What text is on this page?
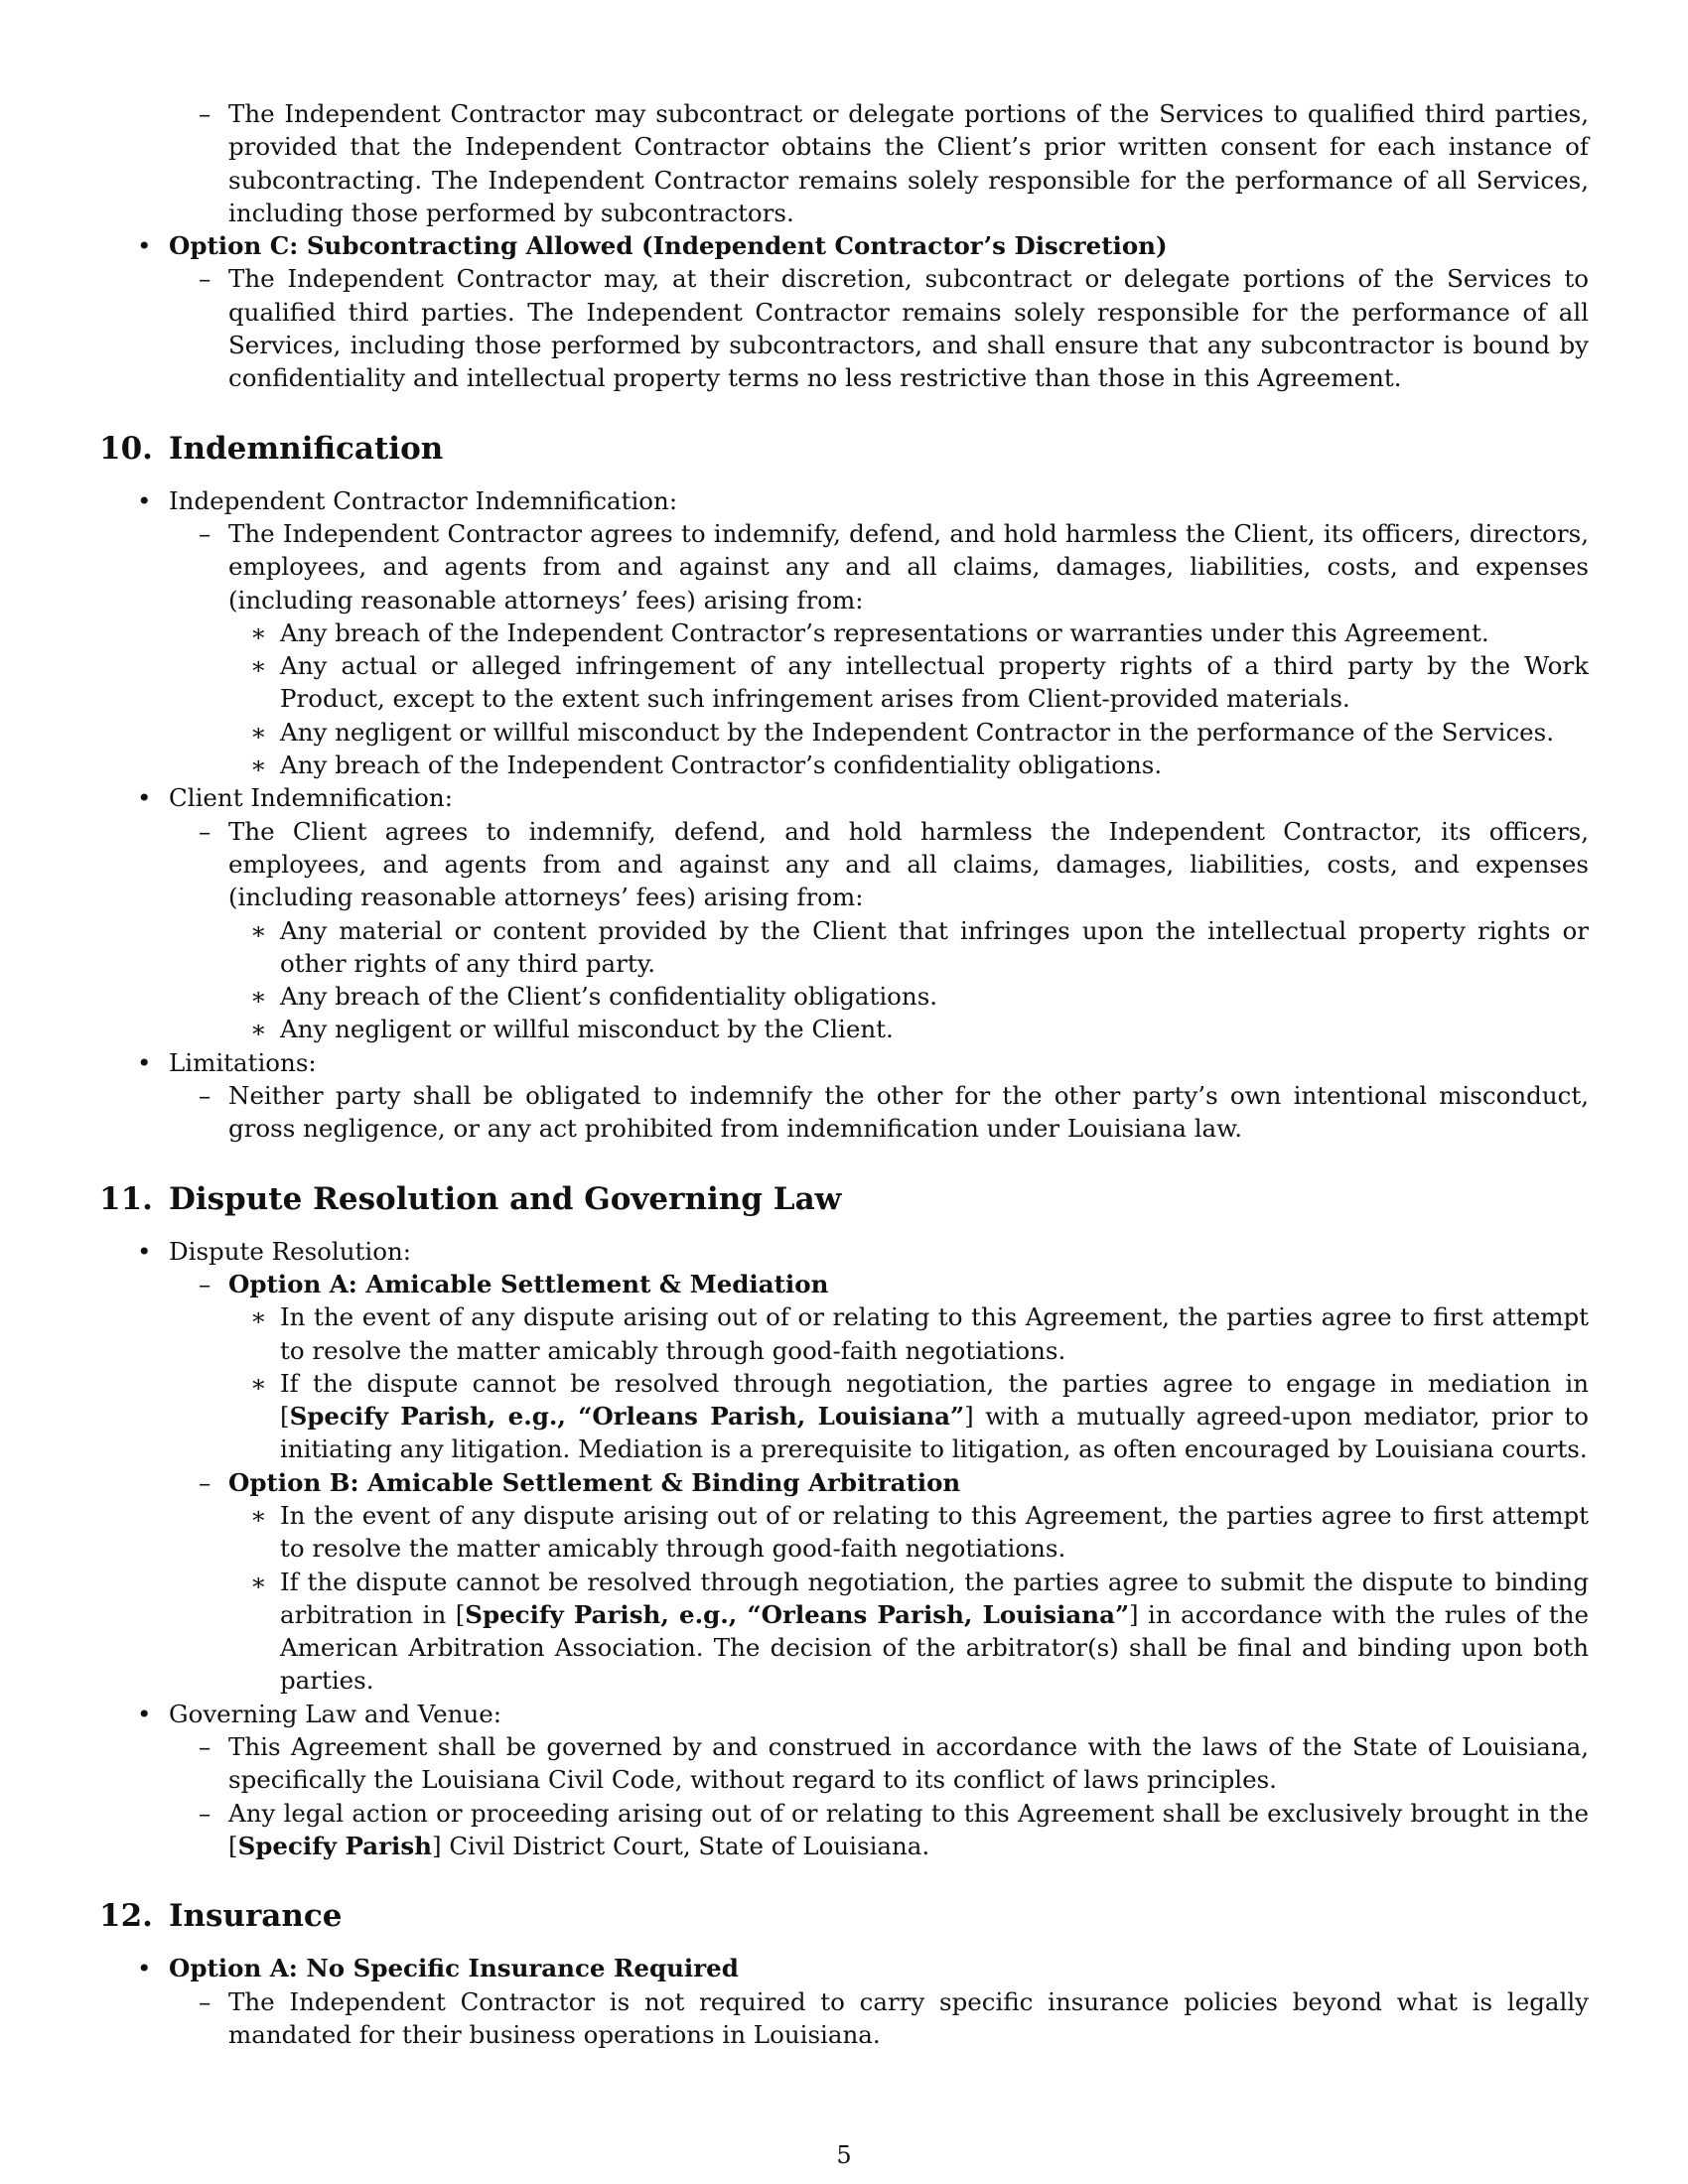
– The Independent Contractor may subcontract or delegate portions of the Services to qualified third parties, provided that the Independent Contractor obtains the Client’s prior written consent for each instance of subcontracting. The Independent Contractor remains solely responsible for the performance of all Services, including those performed by subcontractors.
• Option C: Subcontracting Allowed (Independent Contractor’s Discretion)
– The Independent Contractor may, at their discretion, subcontract or delegate portions of the Services to qualified third parties. The Independent Contractor remains solely responsible for the performance of all Services, including those performed by subcontractors, and shall ensure that any subcontractor is bound by confidentiality and intellectual property terms no less restrictive than those in this Agreement.
10. Indemnification
• Independent Contractor Indemnification:
– The Independent Contractor agrees to indemnify, defend, and hold harmless the Client, its officers, directors, employees, and agents from and against any and all claims, damages, liabilities, costs, and expenses (including reasonable attorneys’ fees) arising from:
∗ Any breach of the Independent Contractor’s representations or warranties under this Agreement.
∗ Any actual or alleged infringement of any intellectual property rights of a third party by the Work Product, except to the extent such infringement arises from Client-provided materials.
∗ Any negligent or willful misconduct by the Independent Contractor in the performance of the Services.
∗ Any breach of the Independent Contractor’s confidentiality obligations.
• Client Indemnification:
– The Client agrees to indemnify, defend, and hold harmless the Independent Contractor, its officers, employees, and agents from and against any and all claims, damages, liabilities, costs, and expenses (including reasonable attorneys’ fees) arising from:
∗ Any material or content provided by the Client that infringes upon the intellectual property rights or other rights of any third party.
∗ Any breach of the Client’s confidentiality obligations.
∗ Any negligent or willful misconduct by the Client.
• Limitations:
– Neither party shall be obligated to indemnify the other for the other party’s own intentional misconduct, gross negligence, or any act prohibited from indemnification under Louisiana law.
11. Dispute Resolution and Governing Law
• Dispute Resolution:
– Option A: Amicable Settlement & Mediation
∗ In the event of any dispute arising out of or relating to this Agreement, the parties agree to first attempt to resolve the matter amicably through good-faith negotiations.
∗ If the dispute cannot be resolved through negotiation, the parties agree to engage in mediation in [Specify Parish, e.g., “Orleans Parish, Louisiana”] with a mutually agreed-upon mediator, prior to initiating any litigation. Mediation is a prerequisite to litigation, as often encouraged by Louisiana courts.
– Option B: Amicable Settlement & Binding Arbitration
∗ In the event of any dispute arising out of or relating to this Agreement, the parties agree to first attempt to resolve the matter amicably through good-faith negotiations.
∗ If the dispute cannot be resolved through negotiation, the parties agree to submit the dispute to binding arbitration in [Specify Parish, e.g., “Orleans Parish, Louisiana”] in accordance with the rules of the American Arbitration Association. The decision of the arbitrator(s) shall be final and binding upon both parties.
• Governing Law and Venue:
– This Agreement shall be governed by and construed in accordance with the laws of the State of Louisiana, specifically the Louisiana Civil Code, without regard to its conflict of laws principles.
– Any legal action or proceeding arising out of or relating to this Agreement shall be exclusively brought in the [Specify Parish] Civil District Court, State of Louisiana.
12. Insurance
• Option A: No Specific Insurance Required
– The Independent Contractor is not required to carry specific insurance policies beyond what is legally mandated for their business operations in Louisiana.
5
